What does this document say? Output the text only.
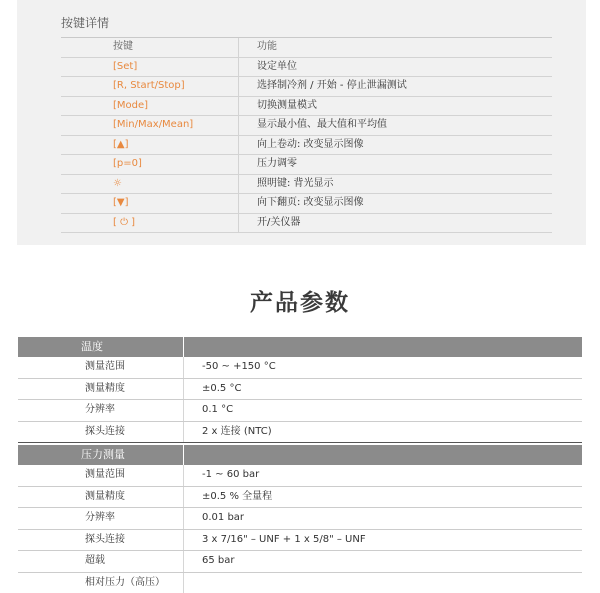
按键详情
按键	功能
[Set]	设定单位
[R, Start/Stop]	选择制冷剂 / 开始 - 停止泄漏测试
[Mode]	切换测量模式
[Min/Max/Mean]	显示最小值、最大值和平均值
[▲]	向上卷动: 改变显示图像
[p=0]	压力调零
☼	照明键: 背光显示
[▼]	向下翻页: 改变显示图像
[ ⏻ ]	开/关仪器
产品参数
温度
测量范围	-50 ~ +150 °C
测量精度	±0.5 °C
分辨率	0.1 °C
探头连接	2 x 连接 (NTC)
压力测量
测量范围	-1 ~ 60 bar
测量精度	±0.5 % 全量程
分辨率	0.01 bar
探头连接	3 x 7/16" – UNF + 1 x 5/8" – UNF
超载	65 bar
相对压力（高压）
